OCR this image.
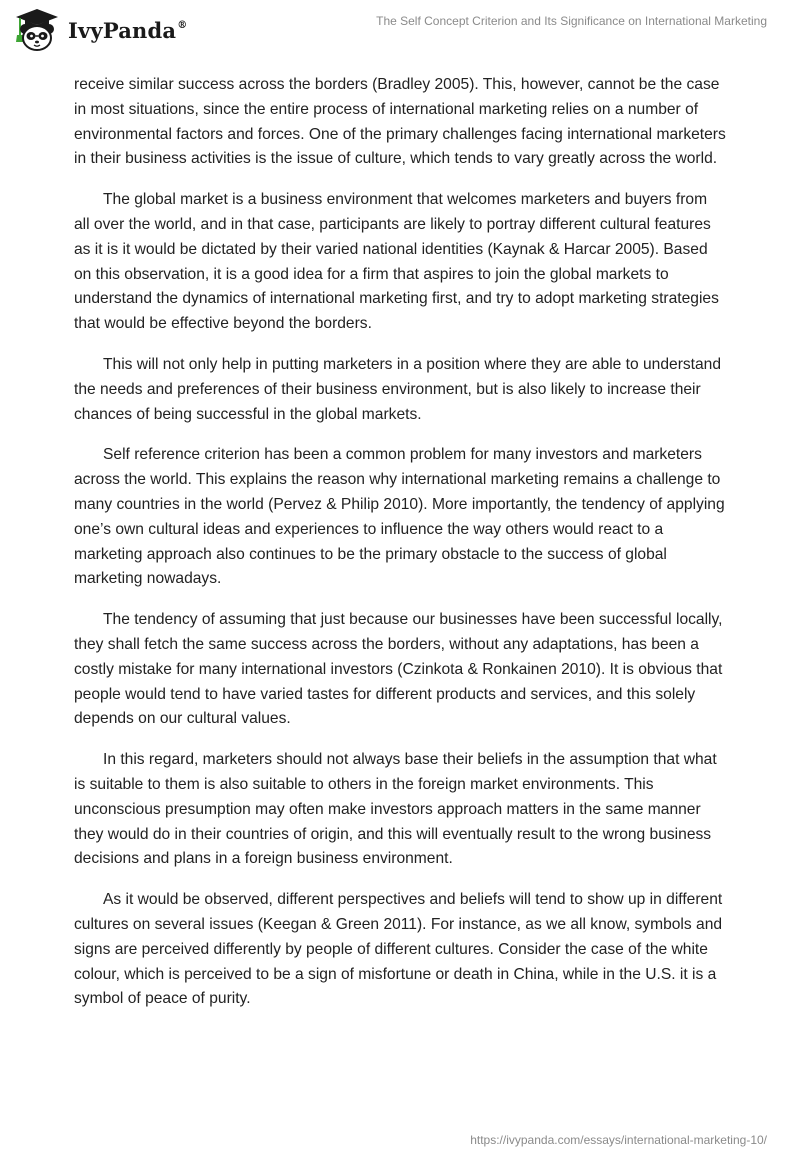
IvyPanda®	The Self Concept Criterion and Its Significance on International Marketing

receive similar success across the borders (Bradley 2005). This, however, cannot be the case in most situations, since the entire process of international marketing relies on a number of environmental factors and forces. One of the primary challenges facing international marketers in their business activities is the issue of culture, which tends to vary greatly across the world.

The global market is a business environment that welcomes marketers and buyers from all over the world, and in that case, participants are likely to portray different cultural features as it is it would be dictated by their varied national identities (Kaynak & Harcar 2005). Based on this observation, it is a good idea for a firm that aspires to join the global markets to understand the dynamics of international marketing first, and try to adopt marketing strategies that would be effective beyond the borders.

This will not only help in putting marketers in a position where they are able to understand the needs and preferences of their business environment, but is also likely to increase their chances of being successful in the global markets.

Self reference criterion has been a common problem for many investors and marketers across the world. This explains the reason why international marketing remains a challenge to many countries in the world (Pervez & Philip 2010). More importantly, the tendency of applying one’s own cultural ideas and experiences to influence the way others would react to a marketing approach also continues to be the primary obstacle to the success of global marketing nowadays.

The tendency of assuming that just because our businesses have been successful locally, they shall fetch the same success across the borders, without any adaptations, has been a costly mistake for many international investors (Czinkota & Ronkainen 2010). It is obvious that people would tend to have varied tastes for different products and services, and this solely depends on our cultural values.

In this regard, marketers should not always base their beliefs in the assumption that what is suitable to them is also suitable to others in the foreign market environments. This unconscious presumption may often make investors approach matters in the same manner they would do in their countries of origin, and this will eventually result to the wrong business decisions and plans in a foreign business environment.

As it would be observed, different perspectives and beliefs will tend to show up in different cultures on several issues (Keegan & Green 2011). For instance, as we all know, symbols and signs are perceived differently by people of different cultures. Consider the case of the white colour, which is perceived to be a sign of misfortune or death in China, while in the U.S. it is a symbol of peace of purity.

https://ivypanda.com/essays/international-marketing-10/
